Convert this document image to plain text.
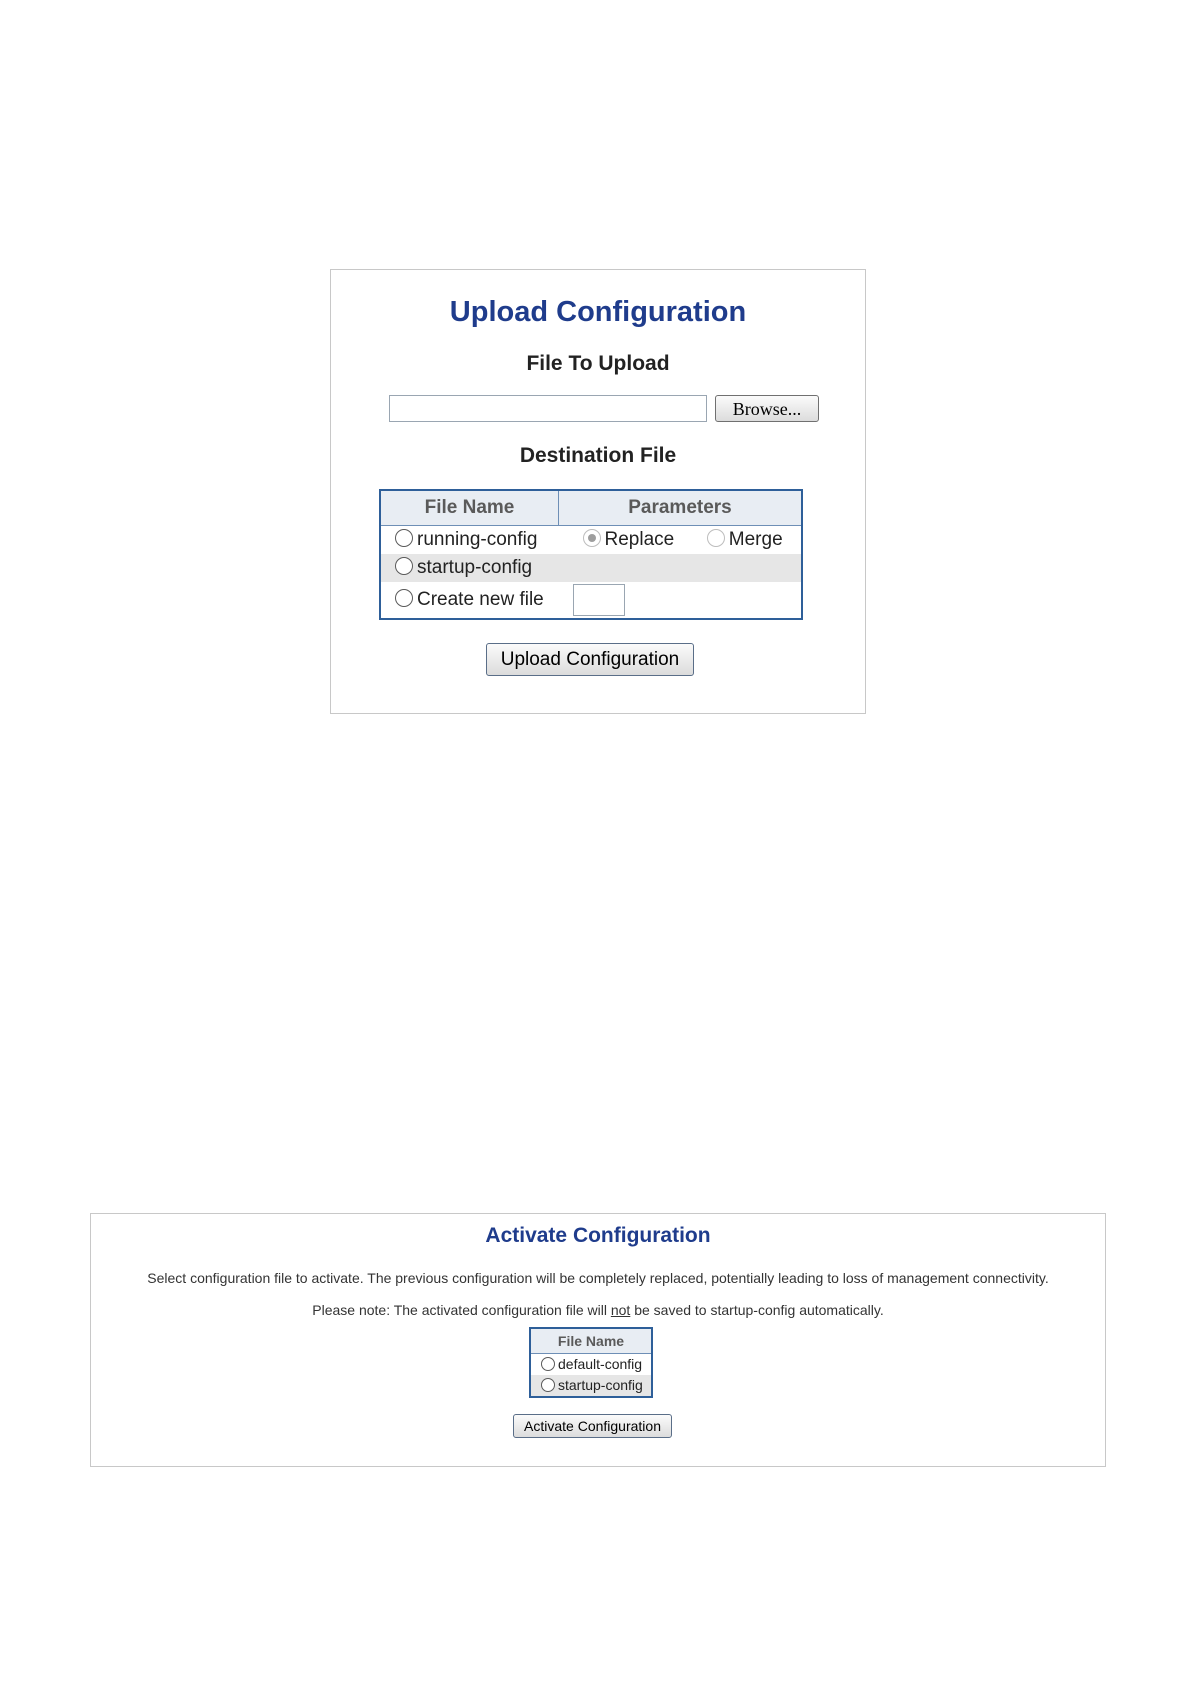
Upload Configuration
File To Upload
Browse...
Destination File
File Name	Parameters
running-config	Replace Merge
startup-config	
Create new file	
Upload Configuration
Activate Configuration
Select configuration file to activate. The previous configuration will be completely replaced, potentially leading to loss of management connectivity.
Please note: The activated configuration file will not be saved to startup-config automatically.
File Name
default-config
startup-config
Activate Configuration
